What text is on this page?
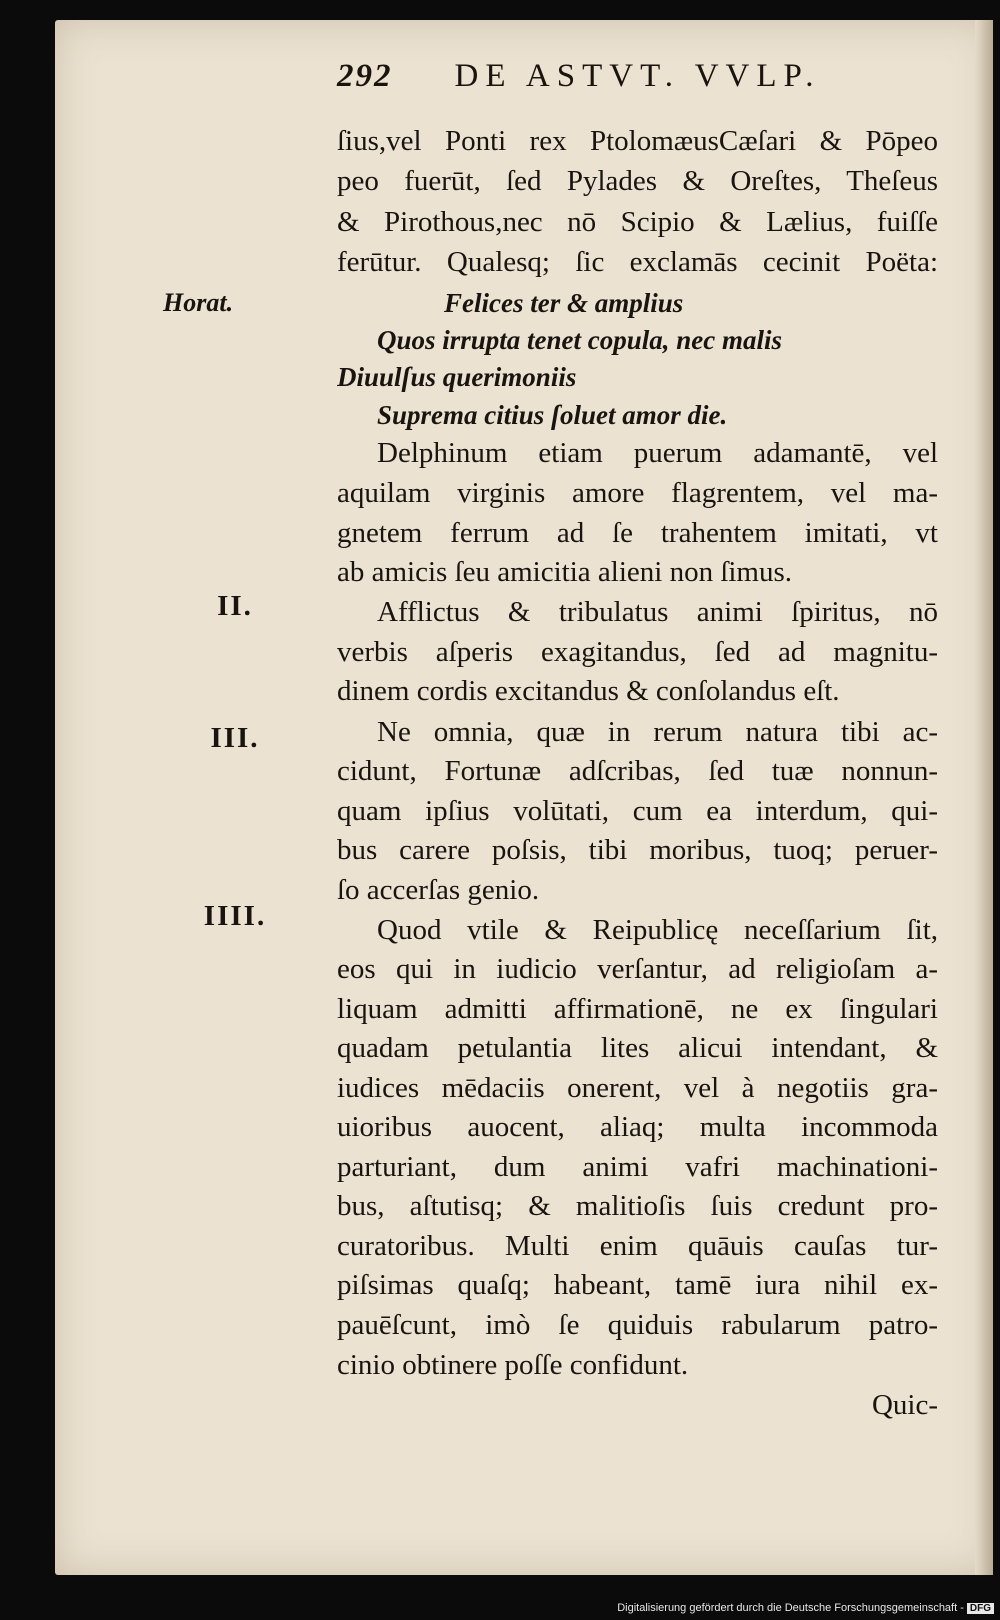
292 DE ASTVT. VVLP.
Horat.
II.
III.
IIII.
ſius,vel Ponti rex PtolomæusCæſari & Pōpeo
peo fuerūt, ſed Pylades & Oreſtes, Theſeus
& Pirothous,nec nō Scipio & Lælius, fuiſſe
ferūtur. Qualesq; ſic exclamās cecinit Poëta:
Felices ter & amplius
Quos irrupta tenet copula, nec malis
Diuulſus querimoniis
Suprema citius ſoluet amor die.
Delphinum etiam puerum adamantē, vel
aquilam virginis amore flagrentem, vel ma-
gnetem ferrum ad ſe trahentem imitati, vt
ab amicis ſeu amicitia alieni non ſimus.
Afflictus & tribulatus animi ſpiritus, nō
verbis aſperis exagitandus, ſed ad magnitu-
dinem cordis excitandus & conſolandus eſt.
Ne omnia, quæ in rerum natura tibi ac-
cidunt, Fortunæ adſcribas, ſed tuæ nonnun-
quam ipſius volūtati, cum ea interdum, qui-
bus carere poſsis, tibi moribus, tuoq; peruer-
ſo accerſas genio.
Quod vtile & Reipublicę neceſſarium ſit,
eos qui in iudicio verſantur, ad religioſam a-
liquam admitti affirmationē, ne ex ſingulari
quadam petulantia lites alicui intendant, &
iudices mēdaciis onerent, vel à negotiis gra-
uioribus auocent, aliaq; multa incommoda
parturiant, dum animi vafri machinationi-
bus, aſtutisq; & malitioſis ſuis credunt pro-
curatoribus. Multi enim quāuis cauſas tur-
piſsimas quaſq; habeant, tamē iura nihil ex-
pauēſcunt, imò ſe quiduis rabularum patro-
cinio obtinere poſſe confidunt.
Quic-
Digitalisierung gefördert durch die Deutsche Forschungsgemeinschaft - DFG
